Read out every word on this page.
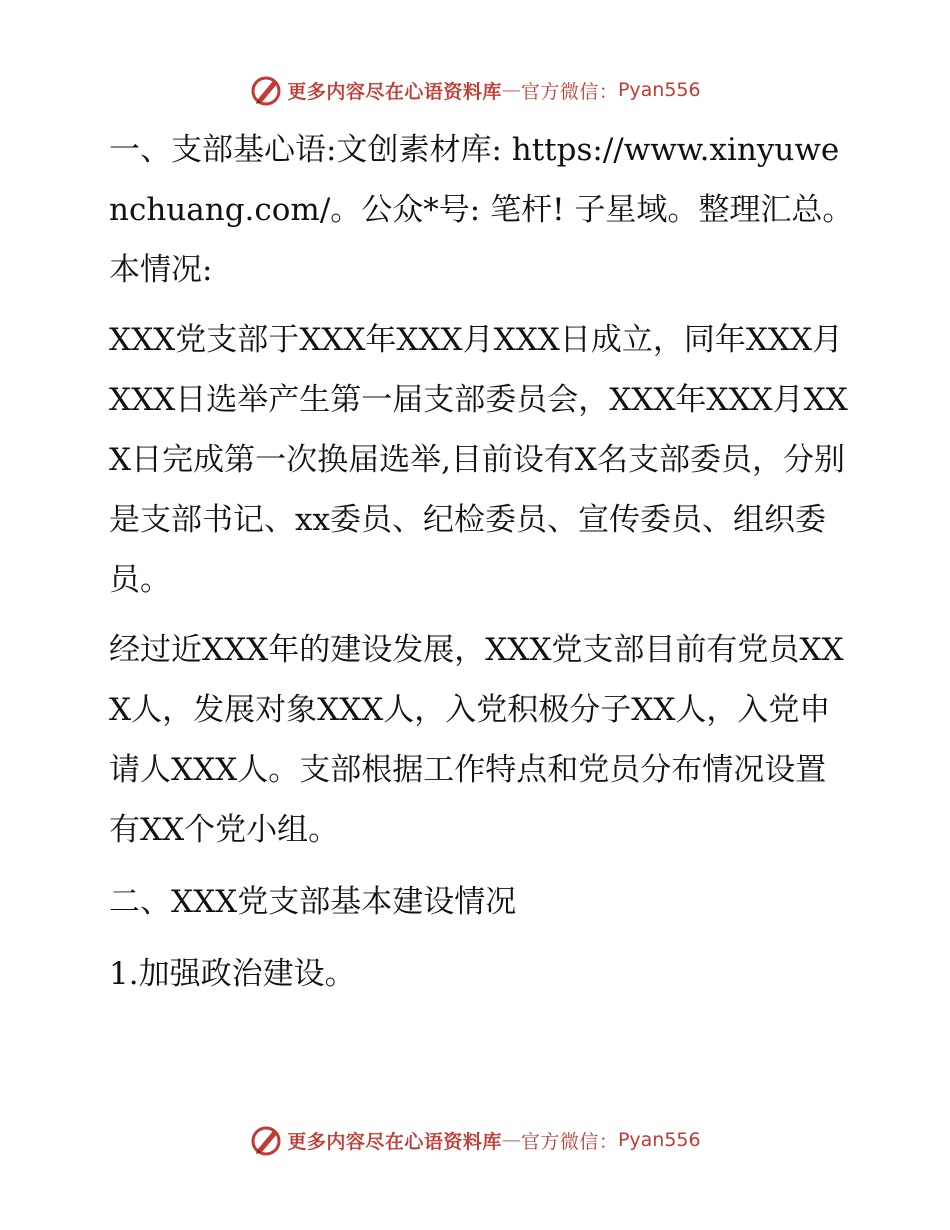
更多内容尽在心语资料库 — 官方微信 ： Pyan556

一、支部基心语:文创素材库: https://www.xinyuwenchuang.com/。公众*号: 笔杆! 子星域。整理汇总。本情况:

XXX党支部于XXX年XXX月XXX日成立，同年XXX月XXX日选举产生第一届支部委员会，XXX年XXX月XXX日完成第一次换届选举,目前设有X名支部委员，分别是支部书记、xx委员、纪检委员、宣传委员、组织委员。

经过近XXX年的建设发展，XXX党支部目前有党员XXX人，发展对象XXX人，入党积极分子XX人，入党申请人XXX人。支部根据工作特点和党员分布情况设置有XX个党小组。

二、XXX党支部基本建设情况

1.加强政治建设。

更多内容尽在心语资料库 — 官方微信 ： Pyan556
